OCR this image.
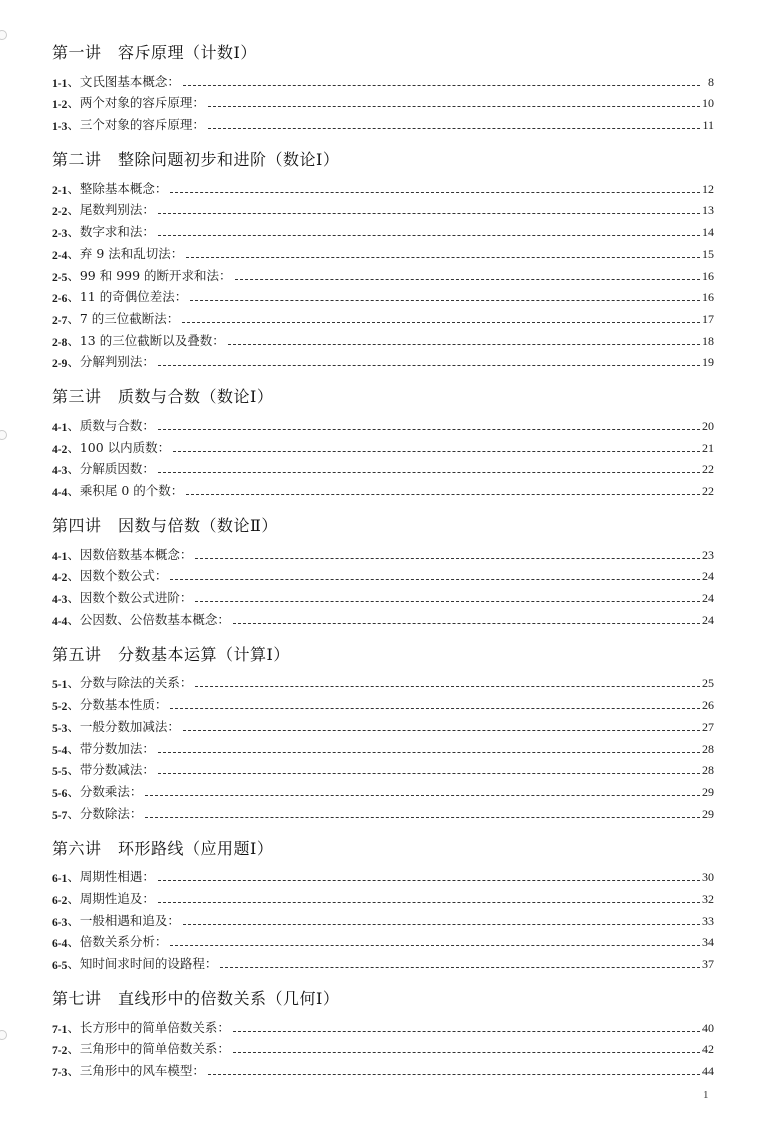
第一讲　容斥原理（计数Ⅰ）
1-1 、文氏图基本概念：	8
1-2 、两个对象的容斥原理：	10
1-3 、三个对象的容斥原理：	11
第二讲　整除问题初步和进阶（数论Ⅰ）
2-1 、整除基本概念：	12
2-2 、尾数判别法：	13
2-3 、数字求和法：	14
2-4 、弃 9 法和乱切法：	15
2-5 、99 和 999 的断开求和法：	16
2-6 、11 的奇偶位差法：	16
2-7 、7 的三位截断法：	17
2-8 、13 的三位截断以及叠数：	18
2-9 、分解判别法：	19
第三讲　质数与合数（数论Ⅰ）
4-1 、质数与合数：	20
4-2 、100 以内质数：	21
4-3 、分解质因数：	22
4-4 、乘积尾 0 的个数：	22
第四讲　因数与倍数（数论Ⅱ）
4-1 、因数倍数基本概念：	23
4-2 、因数个数公式：	24
4-3 、因数个数公式进阶：	24
4-4 、公因数、公倍数基本概念：	24
第五讲　分数基本运算（计算Ⅰ）
5-1 、分数与除法的关系：	25
5-2 、分数基本性质：	26
5-3 、一般分数加减法：	27
5-4 、带分数加法：	28
5-5 、带分数减法：	28
5-6 、分数乘法：	29
5-7 、分数除法：	29
第六讲　环形路线（应用题Ⅰ）
6-1 、周期性相遇：	30
6-2 、周期性追及：	32
6-3 、一般相遇和追及：	33
6-4 、倍数关系分析：	34
6-5 、知时间求时间的设路程：	37
第七讲　直线形中的倍数关系（几何Ⅰ）
7-1 、长方形中的简单倍数关系：	40
7-2 、三角形中的简单倍数关系：	42
7-3 、三角形中的风车模型：	44
1
